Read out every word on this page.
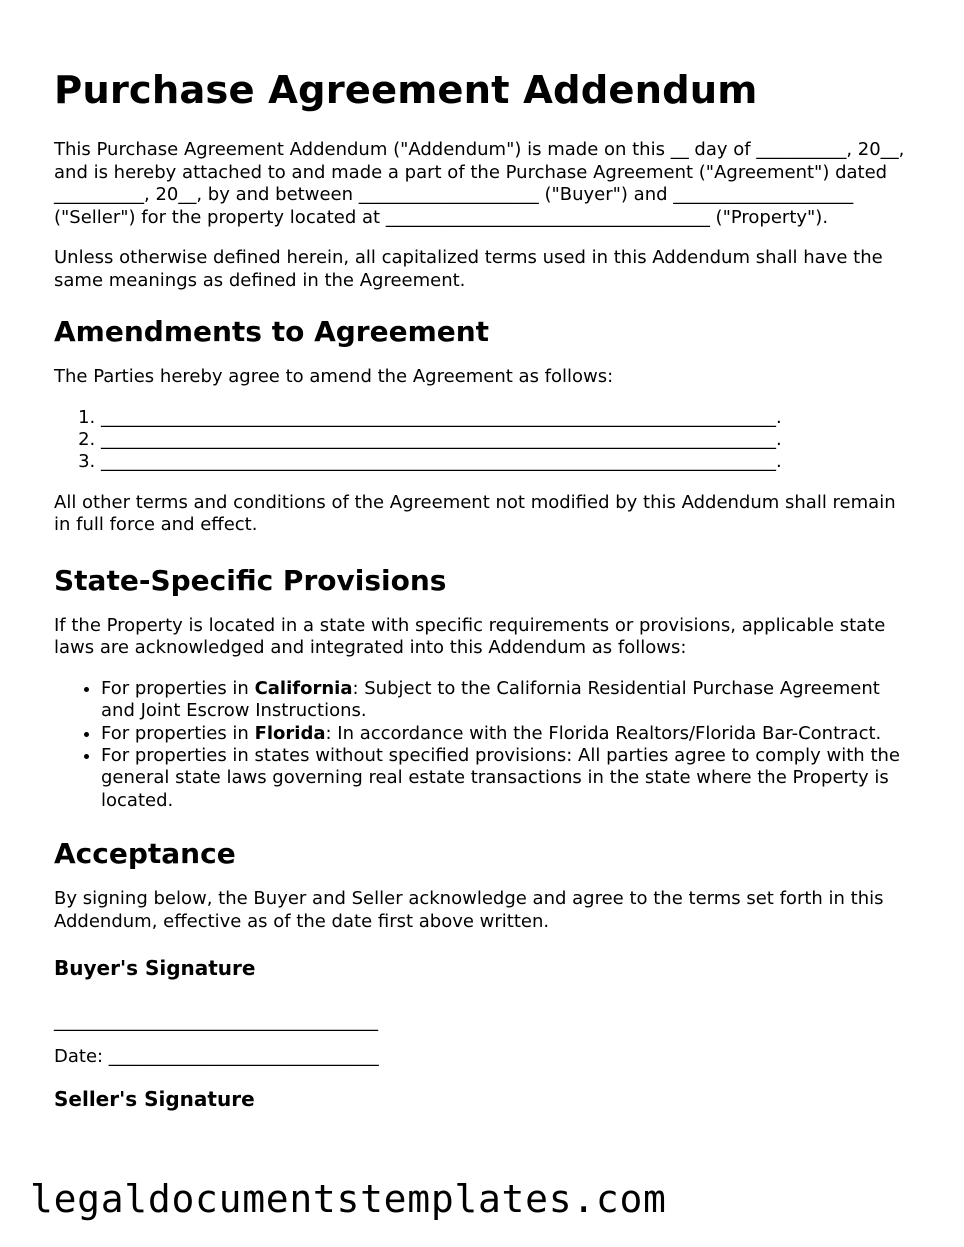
Purchase Agreement Addendum

This Purchase Agreement Addendum ("Addendum") is made on this __ day of __________, 20__, and is hereby attached to and made a part of the Purchase Agreement ("Agreement") dated __________, 20__, by and between ____________________ ("Buyer") and ____________________ ("Seller") for the property located at ____________________________________ ("Property").

Unless otherwise defined herein, all capitalized terms used in this Addendum shall have the same meanings as defined in the Agreement.

Amendments to Agreement

The Parties hereby agree to amend the Agreement as follows:

1. ___________________________________________________________________________.
2. ___________________________________________________________________________.
3. ___________________________________________________________________________.

All other terms and conditions of the Agreement not modified by this Addendum shall remain in full force and effect.

State-Specific Provisions

If the Property is located in a state with specific requirements or provisions, applicable state laws are acknowledged and integrated into this Addendum as follows:

• For properties in California: Subject to the California Residential Purchase Agreement and Joint Escrow Instructions.
• For properties in Florida: In accordance with the Florida Realtors/Florida Bar-Contract.
• For properties in states without specified provisions: All parties agree to comply with the general state laws governing real estate transactions in the state where the Property is located.
Acceptance

By signing below, the Buyer and Seller acknowledge and agree to the terms set forth in this Addendum, effective as of the date first above written.

Buyer's Signature

____________________________________

Date: ______________________________

Seller's Signature
legaldocumentstemplates.com
